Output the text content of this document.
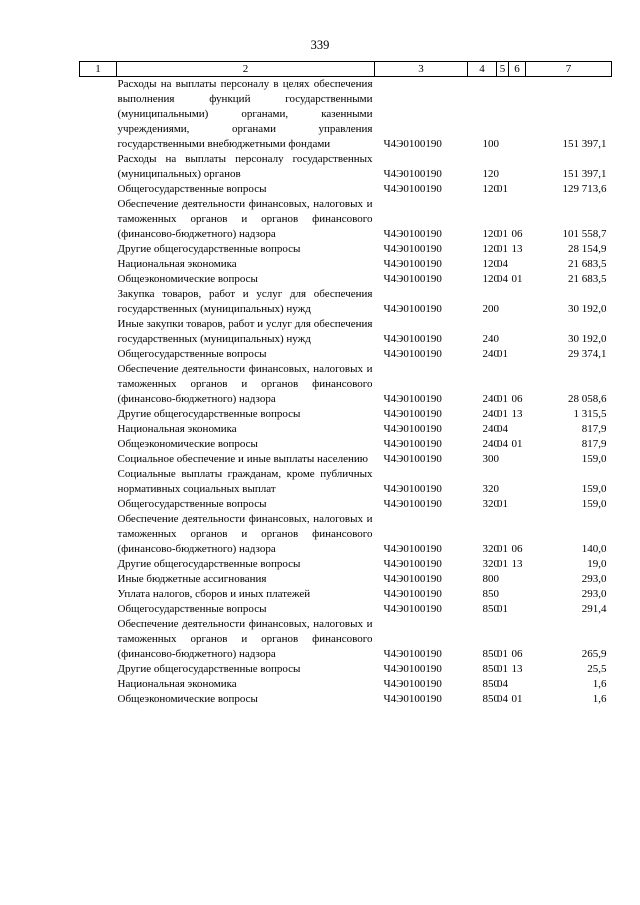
339
1	2	3	4	5	6	7
	Расходы на выплаты персоналу в целях обеспечения выполнения функций государственными (муниципальными) органами, казенными учреждениями, органами управления государственными внебюджетными фондами	Ч4Э0100190	100			151 397,1
	Расходы на выплаты персоналу государственных (муниципальных) органов	Ч4Э0100190	120			151 397,1
	Общегосударственные вопросы	Ч4Э0100190	120	01		129 713,6
	Обеспечение деятельности финансовых, налоговых и таможенных органов и органов финансового (финансово-бюджетного) надзора	Ч4Э0100190	120	01	06	101 558,7
	Другие общегосударственные вопросы	Ч4Э0100190	120	01	13	28 154,9
	Национальная экономика	Ч4Э0100190	120	04		21 683,5
	Общеэкономические вопросы	Ч4Э0100190	120	04	01	21 683,5
	Закупка товаров, работ и услуг для обеспечения государственных (муниципальных) нужд	Ч4Э0100190	200			30 192,0
	Иные закупки товаров, работ и услуг для обеспечения государственных (муниципальных) нужд	Ч4Э0100190	240			30 192,0
	Общегосударственные вопросы	Ч4Э0100190	240	01		29 374,1
	Обеспечение деятельности финансовых, налоговых и таможенных органов и органов финансового (финансово-бюджетного) надзора	Ч4Э0100190	240	01	06	28 058,6
	Другие общегосударственные вопросы	Ч4Э0100190	240	01	13	1 315,5
	Национальная экономика	Ч4Э0100190	240	04		817,9
	Общеэкономические вопросы	Ч4Э0100190	240	04	01	817,9
	Социальное обеспечение и иные выплаты населению	Ч4Э0100190	300			159,0
	Социальные выплаты гражданам, кроме публичных нормативных социальных выплат	Ч4Э0100190	320			159,0
	Общегосударственные вопросы	Ч4Э0100190	320	01		159,0
	Обеспечение деятельности финансовых, налоговых и таможенных органов и органов финансового (финансово-бюджетного) надзора	Ч4Э0100190	320	01	06	140,0
	Другие общегосударственные вопросы	Ч4Э0100190	320	01	13	19,0
	Иные бюджетные ассигнования	Ч4Э0100190	800			293,0
	Уплата налогов, сборов и иных платежей	Ч4Э0100190	850			293,0
	Общегосударственные вопросы	Ч4Э0100190	850	01		291,4
	Обеспечение деятельности финансовых, налоговых и таможенных органов и органов финансового (финансово-бюджетного) надзора	Ч4Э0100190	850	01	06	265,9
	Другие общегосударственные вопросы	Ч4Э0100190	850	01	13	25,5
	Национальная экономика	Ч4Э0100190	850	04		1,6
	Общеэкономические вопросы	Ч4Э0100190	850	04	01	1,6
